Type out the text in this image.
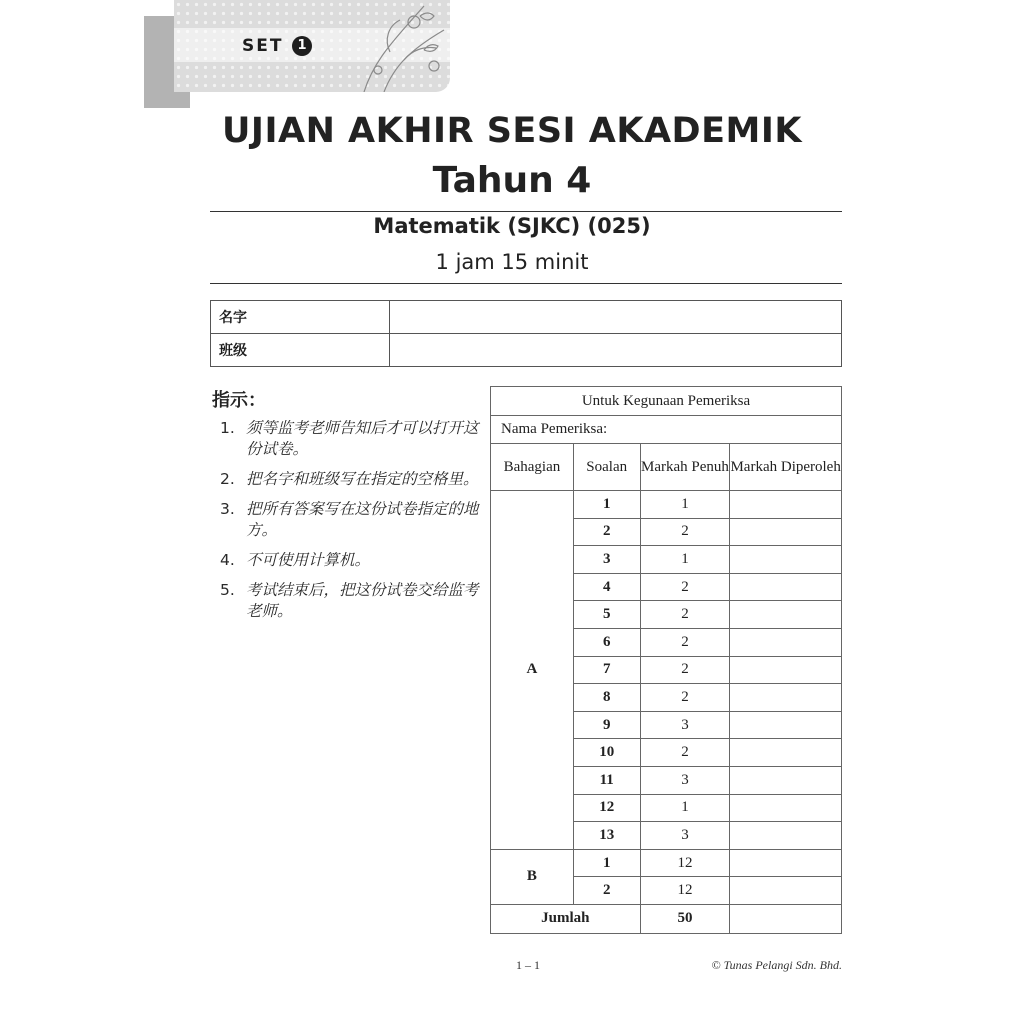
SET	1
UJIAN AKHIR SESI AKADEMIK
Tahun 4
Matematik (SJKC) (025)
1 jam 15 minit
名字	
班级	
指示：
1. 须等监考老师告知后才可以打开这份试卷。
2. 把名字和班级写在指定的空格里。
3. 把所有答案写在这份试卷指定的地方。
4. 不可使用计算机。
5. 考试结束后，把这份试卷交给监考老师。
Untuk Kegunaan Pemeriksa			
Nama Pemeriksa:			
Bahagian	Soalan	Markah Penuh	Markah Diperoleh
A	1	1	
	2	2	
	3	1	
	4	2	
	5	2	
	6	2	
	7	2	
	8	2	
	9	3	
	10	2	
	11	3	
	12	1	
	13	3	
B	1	12	
	2	12	
Jumlah		50	
1 – 1	© Tunas Pelangi Sdn. Bhd.
